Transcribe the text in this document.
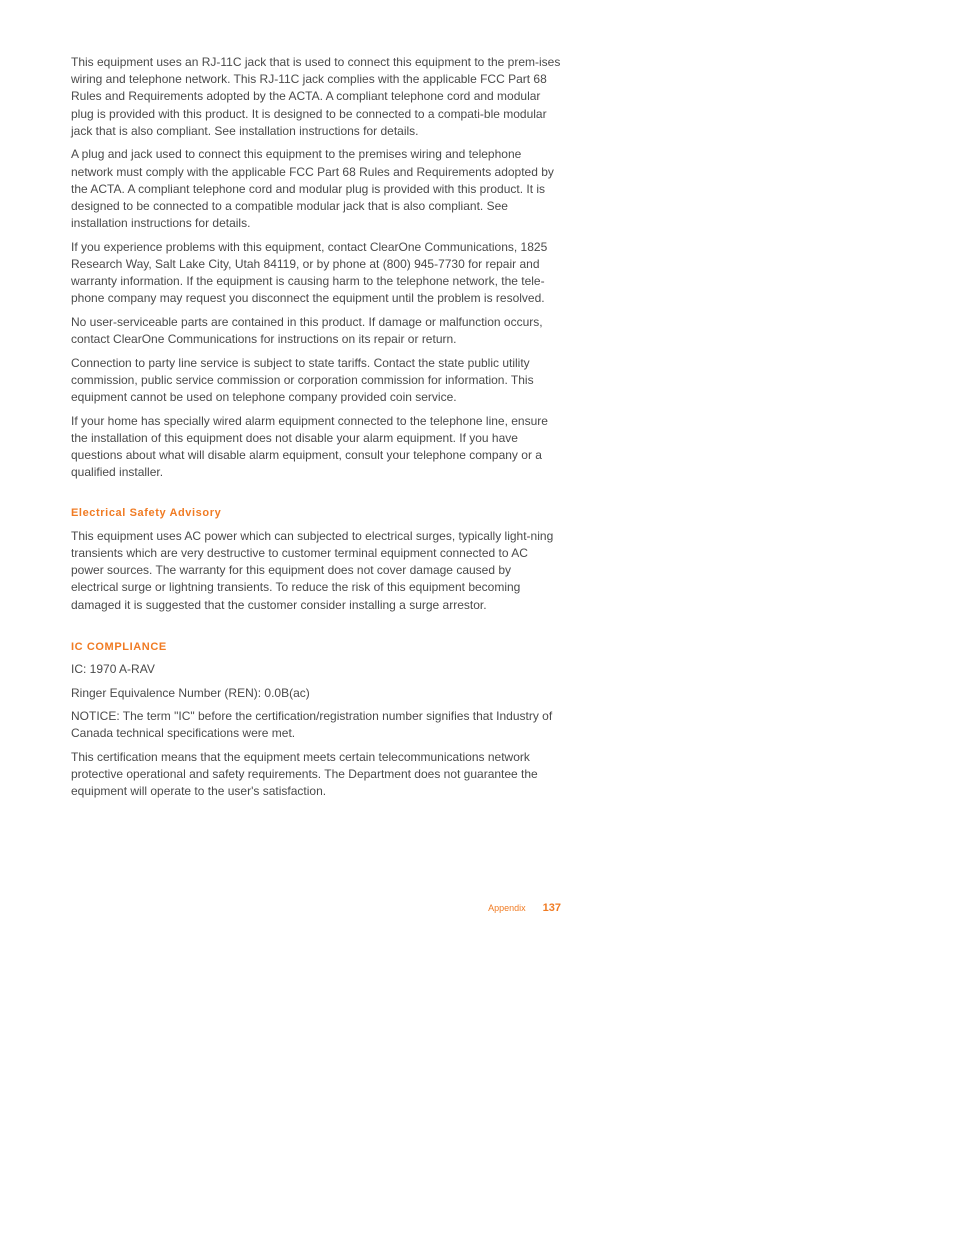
This equipment uses an RJ-11C jack that is used to connect this equipment to the prem-ises wiring and telephone network. This RJ-11C jack complies with the applicable FCC Part 68 Rules and Requirements adopted by the ACTA. A compliant telephone cord and modular plug is provided with this product. It is designed to be connected to a compati-ble modular jack that is also compliant. See installation instructions for details.

A plug and jack used to connect this equipment to the premises wiring and telephone network must comply with the applicable FCC Part 68 Rules and Requirements adopted by the ACTA. A compliant telephone cord and modular plug is provided with this product. It is designed to be connected to a compatible modular jack that is also compliant. See installation instructions for details.

If you experience problems with this equipment, contact ClearOne Communications, 1825 Research Way, Salt Lake City, Utah 84119, or by phone at (800) 945-7730 for repair and warranty information. If the equipment is causing harm to the telephone network, the tele-phone company may request you disconnect the equipment until the problem is resolved.

No user-serviceable parts are contained in this product. If damage or malfunction occurs, contact ClearOne Communications for instructions on its repair or return.

Connection to party line service is subject to state tariffs. Contact the state public utility commission, public service commission or corporation commission for information. This equipment cannot be used on telephone company provided coin service.

If your home has specially wired alarm equipment connected to the telephone line, ensure the installation of this equipment does not disable your alarm equipment. If you have questions about what will disable alarm equipment, consult your telephone company or a qualified installer.

Electrical Safety Advisory

This equipment uses AC power which can subjected to electrical surges, typically light-ning transients which are very destructive to customer terminal equipment connected to AC power sources. The warranty for this equipment does not cover damage caused by electrical surge or lightning transients. To reduce the risk of this equipment becoming damaged it is suggested that the customer consider installing a surge arrestor.

IC COMPLIANCE

IC: 1970 A-RAV

Ringer Equivalence Number (REN): 0.0B(ac)

NOTICE: The term "IC" before the certification/registration number signifies that Industry of Canada technical specifications were met.

This certification means that the equipment meets certain telecommunications network protective operational and safety requirements. The Department does not guarantee the equipment will operate to the user's satisfaction.

Appendix 137
